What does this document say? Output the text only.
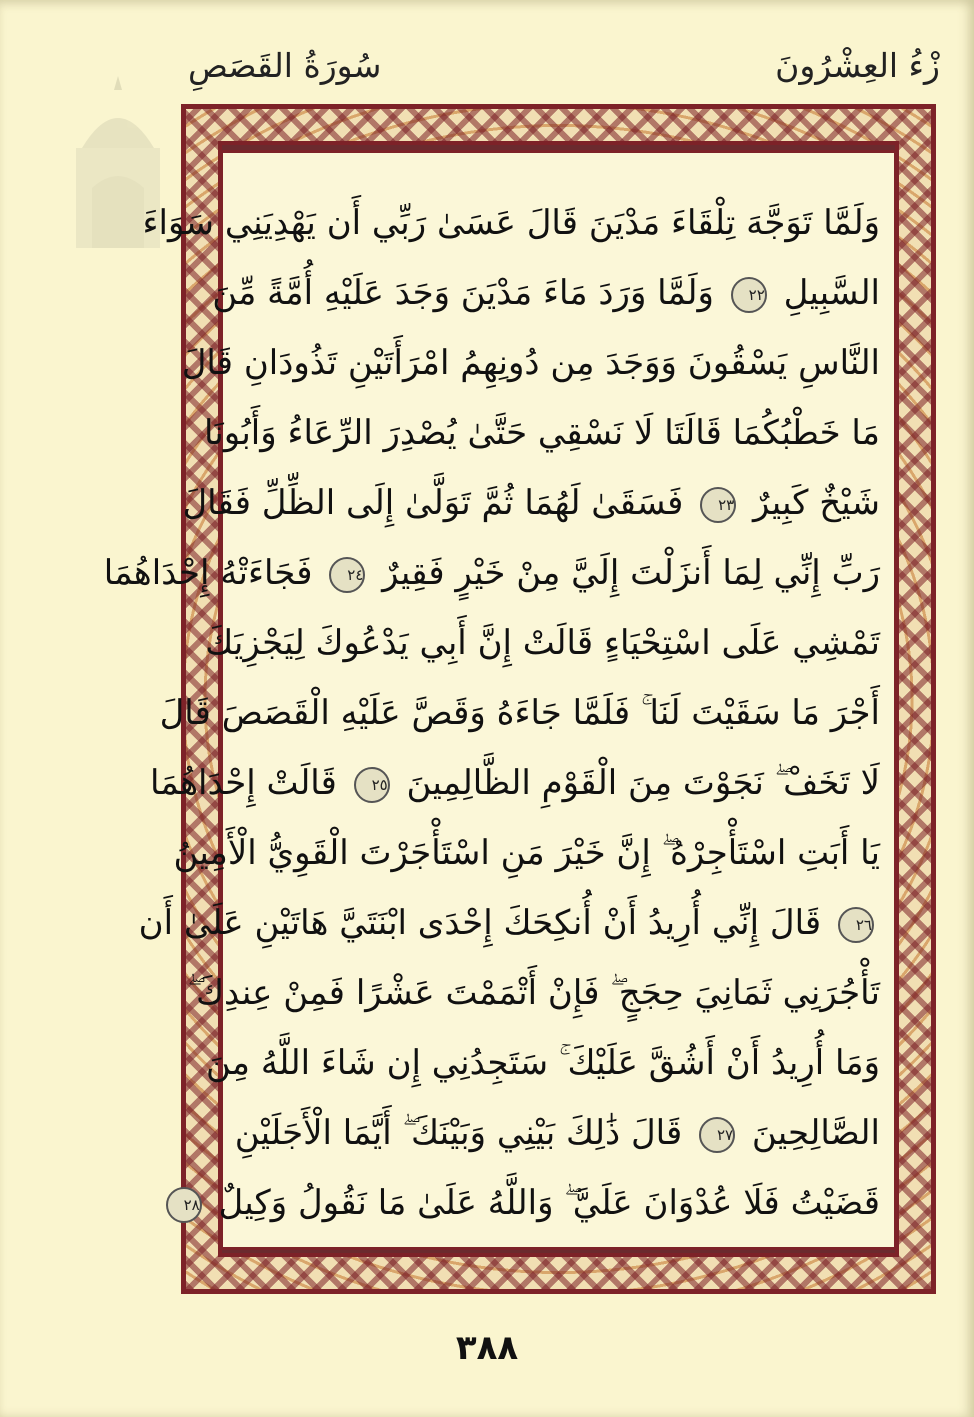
سُورَةُ القَصَصِ	زْءُ العِشْرُونَ
وَلَمَّا تَوَجَّهَ تِلْقَاءَ مَدْيَنَ قَالَ عَسَىٰ رَبِّي أَن يَهْدِيَنِي سَوَاءَ
السَّبِيلِ ٢٢ وَلَمَّا وَرَدَ مَاءَ مَدْيَنَ وَجَدَ عَلَيْهِ أُمَّةً مِّنَ
النَّاسِ يَسْقُونَ وَوَجَدَ مِن دُونِهِمُ امْرَأَتَيْنِ تَذُودَانِ قَالَ
مَا خَطْبُكُمَا قَالَتَا لَا نَسْقِي حَتَّىٰ يُصْدِرَ الرِّعَاءُ وَأَبُونَا
شَيْخٌ كَبِيرٌ ٢٣ فَسَقَىٰ لَهُمَا ثُمَّ تَوَلَّىٰ إِلَى الظِّلِّ فَقَالَ
رَبِّ إِنِّي لِمَا أَنزَلْتَ إِلَيَّ مِنْ خَيْرٍ فَقِيرٌ ٢٤ فَجَاءَتْهُ إِحْدَاهُمَا
تَمْشِي عَلَى اسْتِحْيَاءٍ قَالَتْ إِنَّ أَبِي يَدْعُوكَ لِيَجْزِيَكَ
أَجْرَ مَا سَقَيْتَ لَنَا ۚ فَلَمَّا جَاءَهُ وَقَصَّ عَلَيْهِ الْقَصَصَ قَالَ
لَا تَخَفْ ۖ نَجَوْتَ مِنَ الْقَوْمِ الظَّالِمِينَ ٢٥ قَالَتْ إِحْدَاهُمَا
يَا أَبَتِ اسْتَأْجِرْهُ ۖ إِنَّ خَيْرَ مَنِ اسْتَأْجَرْتَ الْقَوِيُّ الْأَمِينُ
٢٦ قَالَ إِنِّي أُرِيدُ أَنْ أُنكِحَكَ إِحْدَى ابْنَتَيَّ هَاتَيْنِ عَلَىٰ أَن
تَأْجُرَنِي ثَمَانِيَ حِجَجٍ ۖ فَإِنْ أَتْمَمْتَ عَشْرًا فَمِنْ عِندِكَ ۖ
وَمَا أُرِيدُ أَنْ أَشُقَّ عَلَيْكَ ۚ سَتَجِدُنِي إِن شَاءَ اللَّهُ مِنَ
الصَّالِحِينَ ٢٧ قَالَ ذَٰلِكَ بَيْنِي وَبَيْنَكَ ۖ أَيَّمَا الْأَجَلَيْنِ
قَضَيْتُ فَلَا عُدْوَانَ عَلَيَّ ۖ وَاللَّهُ عَلَىٰ مَا نَقُولُ وَكِيلٌ ٢٨
٣٨٨
